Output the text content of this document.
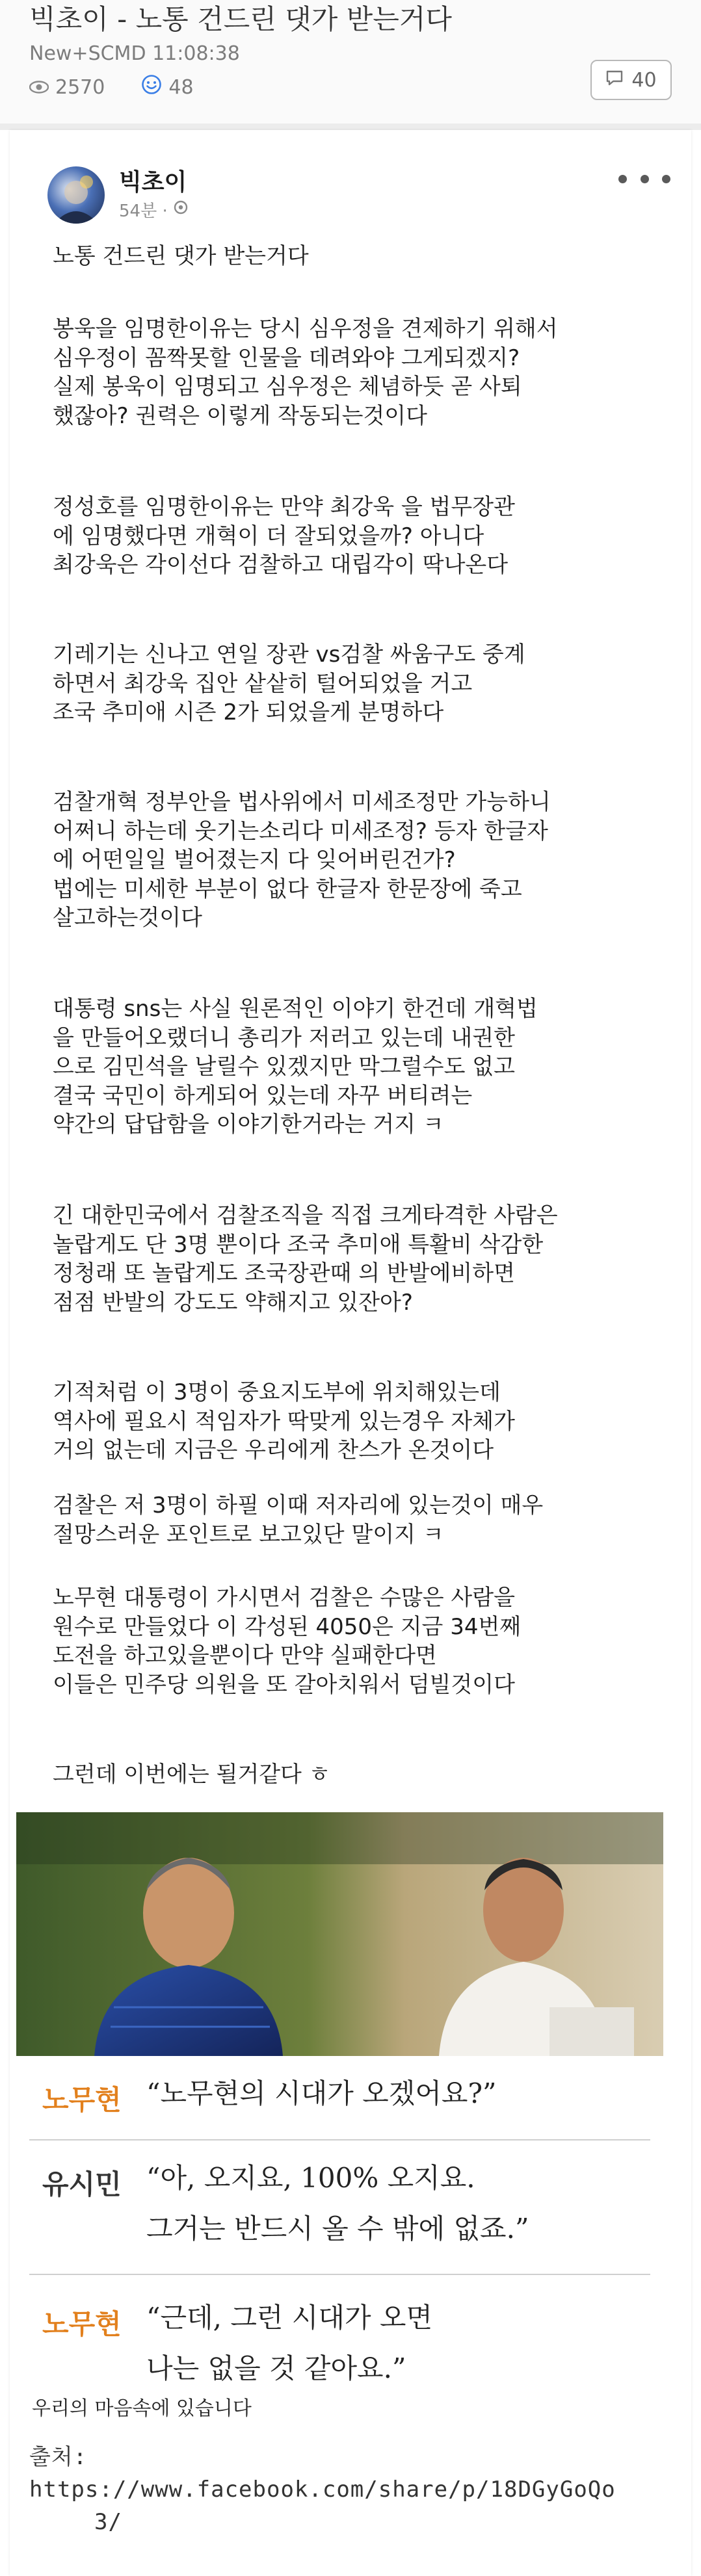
빅초이 - 노통 건드린 댓가 받는거다
New+SCMD 11:08:38
2570	48	40
빅초이
54분 ·

노통 건드린 댓가 받는거다

봉욱을 임명한이유는 당시 심우정을 견제하기 위해서

심우정이 꼼짝못할 인물을 데려와야 그게되겠지?

실제 봉욱이 임명되고 심우정은 체념하듯 곧 사퇴

했잖아? 권력은 이렇게 작동되는것이다

정성호를 임명한이유는 만약 최강욱 을 법무장관

에 임명했다면 개혁이 더 잘되었을까? 아니다

최강욱은 각이선다 검찰하고 대립각이 딱나온다

기레기는 신나고 연일 장관 vs검찰 싸움구도 중계

하면서 최강욱 집안 샅샅히 털어되었을 거고

조국 추미애 시즌 2가 되었을게 분명하다

검찰개혁 정부안을 법사위에서 미세조정만 가능하니

어쩌니 하는데 웃기는소리다 미세조정? 등자 한글자

에 어떤일일 벌어졌는지 다 잊어버린건가?

법에는 미세한 부분이 없다 한글자 한문장에 죽고

살고하는것이다

대통령 sns는 사실 원론적인 이야기 한건데 개혁법

을 만들어오랬더니 총리가 저러고 있는데 내권한

으로 김민석을 날릴수 있겠지만 막그럴수도 없고

결국 국민이 하게되어 있는데 자꾸 버티려는

약간의 답답함을 이야기한거라는 거지 ㅋ

긴 대한민국에서 검찰조직을 직접 크게타격한 사람은

놀랍게도 단 3명 뿐이다 조국 추미애 특활비 삭감한

정청래 또 놀랍게도 조국장관때 의 반발에비하면

점점 반발의 강도도 약해지고 있잔아?

기적처럼 이 3명이 중요지도부에 위치해있는데

역사에 필요시 적임자가 딱맞게 있는경우 자체가

거의 없는데 지금은 우리에게 찬스가 온것이다

검찰은 저 3명이 하필 이때 저자리에 있는것이 매우

절망스러운 포인트로 보고있단 말이지 ㅋ

노무현 대통령이 가시면서 검찰은 수많은 사람을

원수로 만들었다 이 각성된 4050은 지금 34번째

도전을 하고있을뿐이다 만약 실패한다면

이들은 민주당 의원을 또 갈아치워서 덤빌것이다

그런데 이번에는 될거같다 ㅎ

노무현 “노무현의 시대가 오겠어요?”
유시민 “아, 오지요, 100% 오지요.
그거는 반드시 올 수 밖에 없죠.”
노무현 “근데, 그런 시대가 오면
나는 없을 것 같아요.”
우리의 마음속에 있습니다
출처: https://www.facebook.com/share/p/18DGyGoQo
3/
